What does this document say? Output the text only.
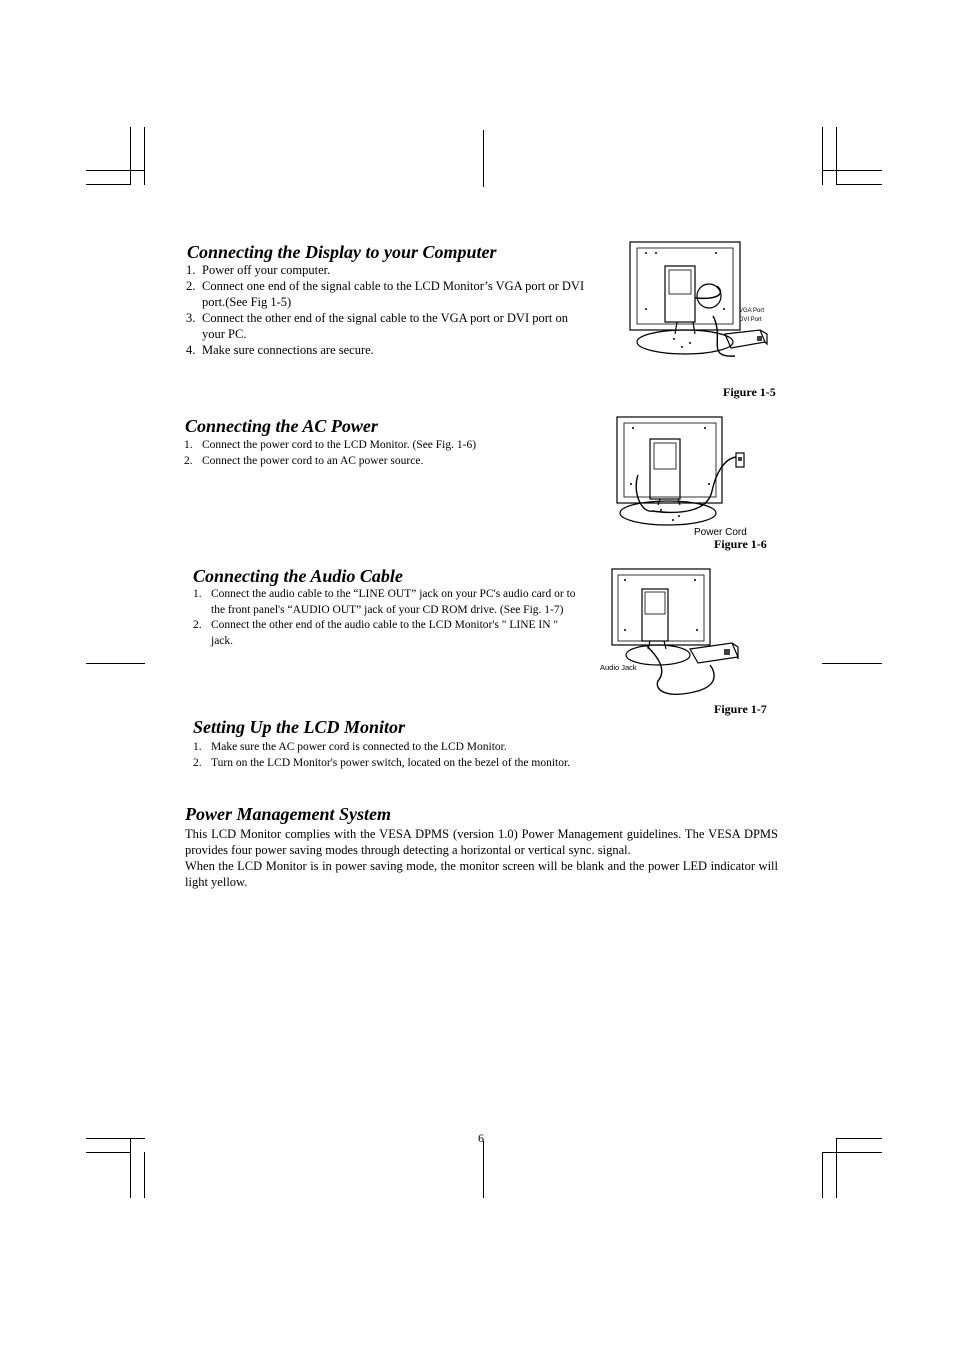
Connecting the Display to your Computer
1. Power off your computer.
2. Connect one end of the signal cable to the LCD Monitor’s VGA port or DVI port.(See Fig 1-5)
3. Connect the other end of the signal cable to the VGA port or DVI port on your PC.
4. Make sure connections are secure.
VGA Port
DVI Port
Figure 1-5
Connecting the AC Power
1. Connect the power cord to the LCD Monitor. (See Fig. 1-6)
2. Connect the power cord to an AC power source.
Power Cord
Figure 1-6
Connecting the Audio Cable
1. Connect the audio cable to the “LINE OUT” jack on your PC's audio card or to the front panel's “AUDIO OUT” jack of your CD ROM drive. (See Fig. 1-7)
2. Connect the other end of the audio cable to the LCD Monitor's " LINE IN " jack.
Audio Jack
Figure 1-7
Setting Up the LCD Monitor
1. Make sure the AC power cord is connected to the LCD Monitor.
2. Turn on the LCD Monitor's power switch, located on the bezel of the monitor.
Power Management System

This LCD Monitor complies with the VESA DPMS (version 1.0) Power Management guidelines. The VESA DPMS provides four power saving modes through detecting a horizontal or vertical sync. signal.

When the LCD Monitor is in power saving mode, the monitor screen will be blank and the power LED indicator will light yellow.

6
